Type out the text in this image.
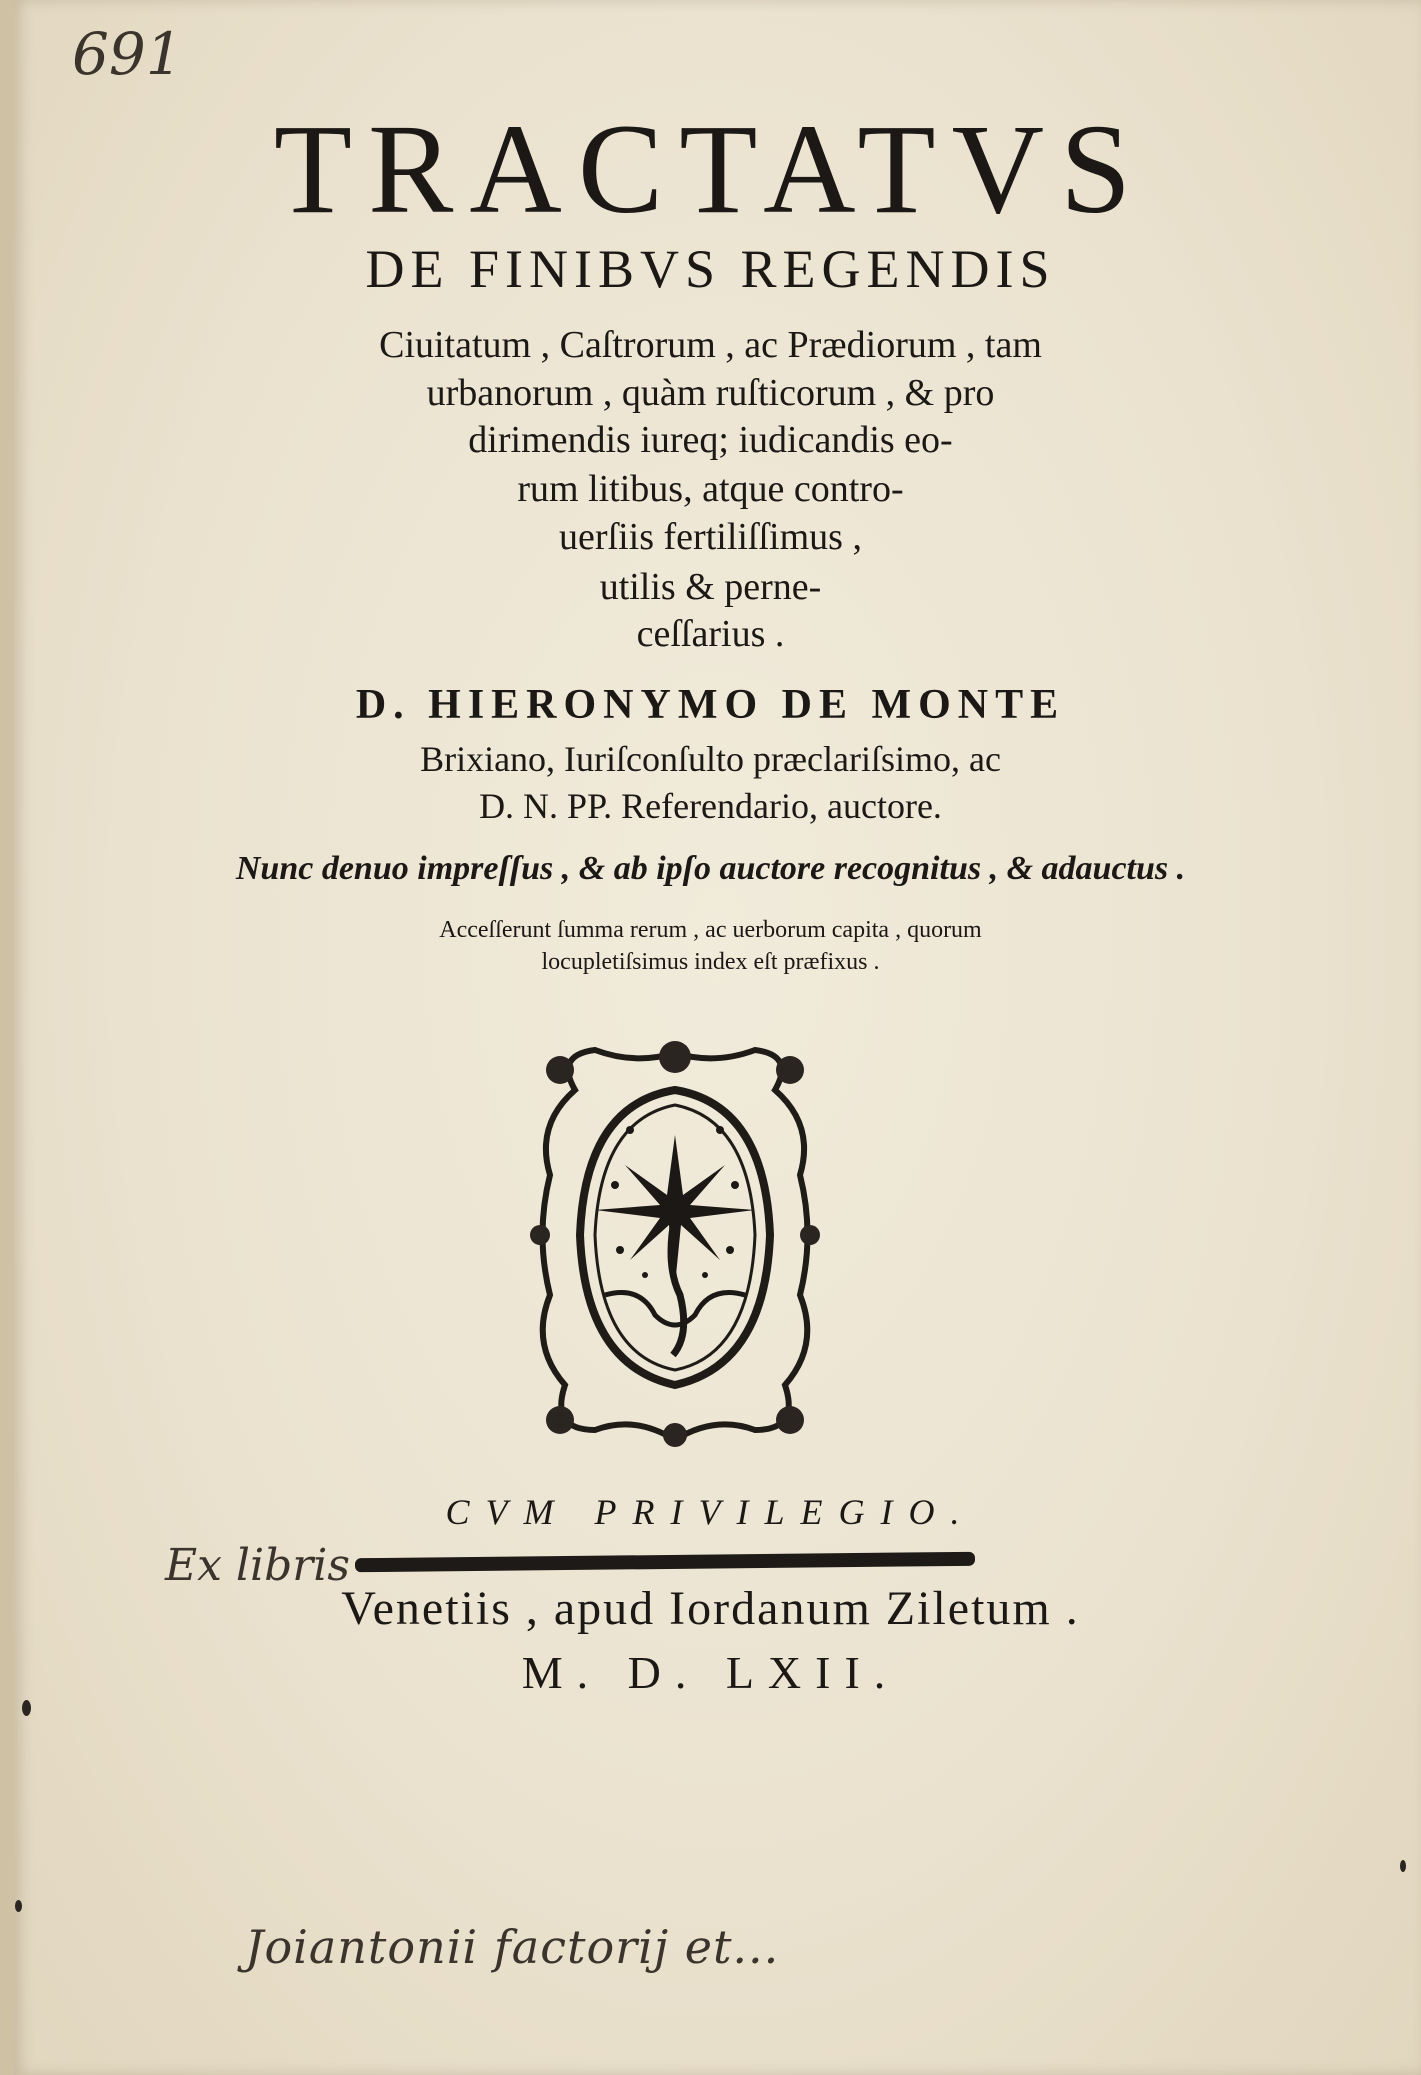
691
TRACTATVS
DE FINIBVS REGENDIS
Ciuitatum , Caſtrorum , ac Prædiorum , tam
urbanorum , quàm ruſticorum , & pro
dirimendis iureq; iudicandis eo-
rum litibus, atque contro-
uerſiis fertiliſſimus ,
utilis & perne-
ceſſarius .
D. HIERONYMO DE MONTE
Brixiano, Iuriſconſulto præclariſsimo, ac
D. N. PP. Referendario, auctore.
Nunc denuo impreſſus , & ab ipſo auctore recognitus , & adauctus .
Acceſſerunt ſumma rerum , ac uerborum capita , quorum
locupletiſsimus index eſt præfixus .
CVM PRIVILEGIO.
Ex libris
Venetiis , apud Iordanum Ziletum .
M. D. LXII.
Joiantonii factorij et...
